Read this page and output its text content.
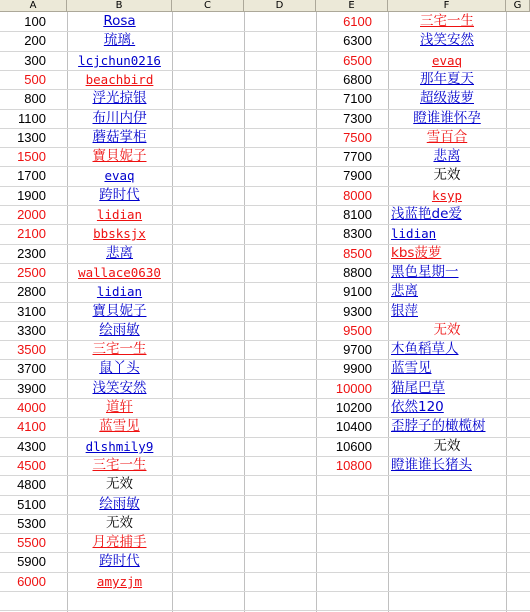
A	B	C	D	E	F	G
100	Rosa
200	琉璃.
300	lcjchun0216
500	beachbird
800	浮光掠银
1100	布川内伊
1300	蘑菇掌柜
1500	寶貝妮子
1700	evaq
1900	跨时代
2000	lidian
2100	bbsksjx
2300	悲离
2500	wallace0630
2800	lidian
3100	寶貝妮子
3300	绘雨敏
3500	三宅一生
3700	鼠丫头
3900	浅笑安然
4000	道轩
4100	蓝雪见
4300	dlshmily9
4500	三宅一生
4800	无效
5100	绘雨敏
5300	无效
5500	月亮捕手
5900	跨时代
6000	amyzjm
6100	三宅一生
6300	浅笑安然
6500	evaq
6800	那年夏天
7100	超级菠萝
7300	瞪谁谁怀孕
7500	雪百合
7700	悲离
7900	无效
8000	ksyp
8100 浅蓝艳de爱
8300 lidian
8500 kbs菠萝
8800 黑色星期一
9100 悲离
9300 银萍
9500	无效
9700 木鱼稻草人
9900 蓝雪见
10000 猫尾巴草
10200 依然120
10400 歪脖子的橄榄树
10600	无效
10800 瞪谁谁长猪头
